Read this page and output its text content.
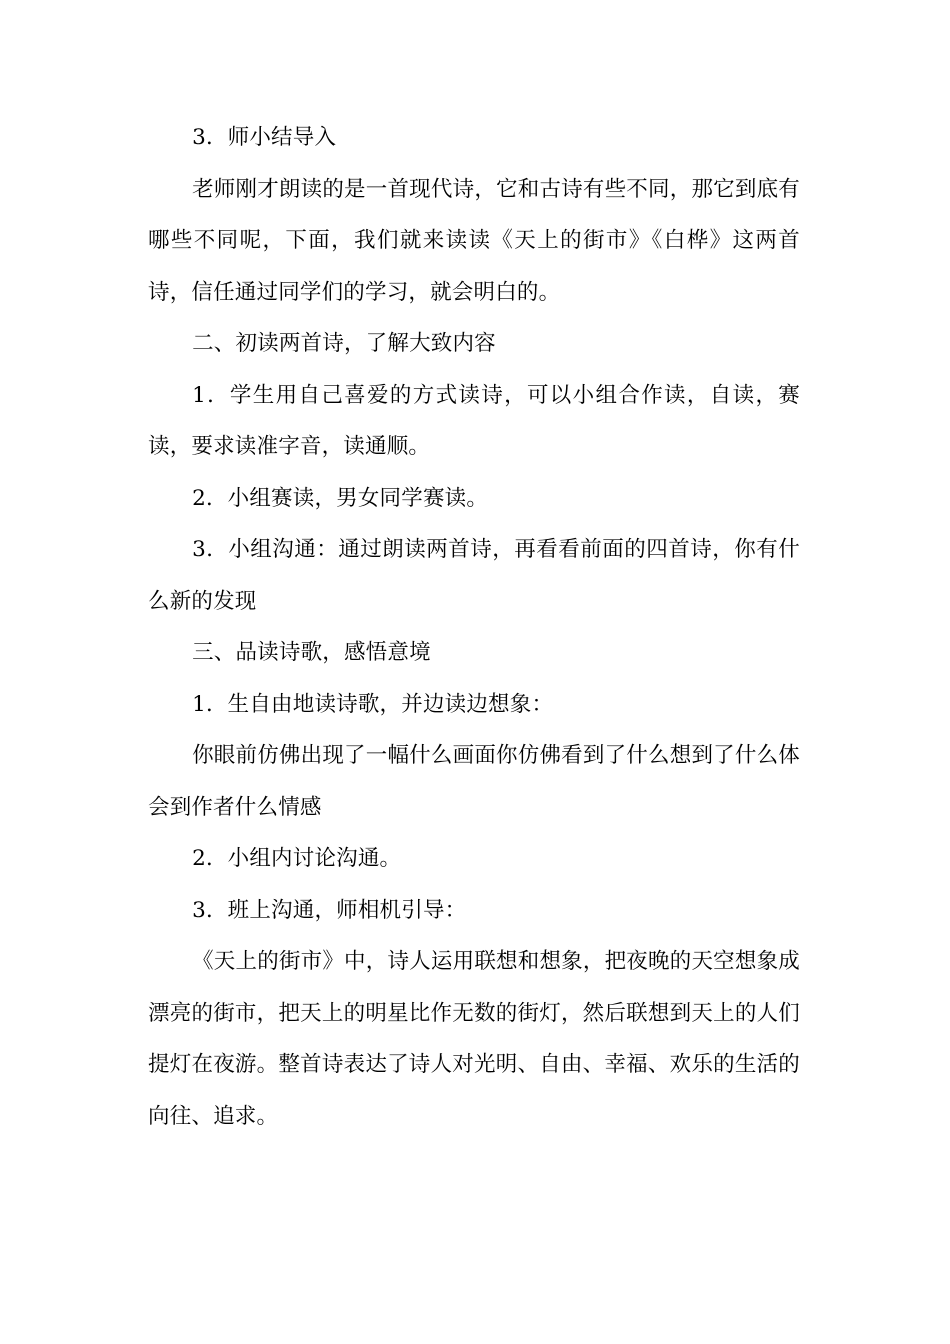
3．师小结导入

老师刚才朗读的是一首现代诗，它和古诗有些不同，那它到底有哪些不同呢，下面，我们就来读读《天上的街市》《白桦》这两首诗，信任通过同学们的学习，就会明白的。

二、初读两首诗，了解大致内容

1．学生用自己喜爱的方式读诗，可以小组合作读，自读，赛读，要求读准字音，读通顺。

2．小组赛读，男女同学赛读。

3．小组沟通：通过朗读两首诗，再看看前面的四首诗，你有什么新的发现

三、品读诗歌，感悟意境

1．生自由地读诗歌，并边读边想象：

你眼前仿佛出现了一幅什么画面你仿佛看到了什么想到了什么体会到作者什么情感

2．小组内讨论沟通。

3．班上沟通，师相机引导：

《天上的街市》中，诗人运用联想和想象，把夜晚的天空想象成漂亮的街市，把天上的明星比作无数的街灯，然后联想到天上的人们提灯在夜游。整首诗表达了诗人对光明、自由、幸福、欢乐的生活的向往、追求。
